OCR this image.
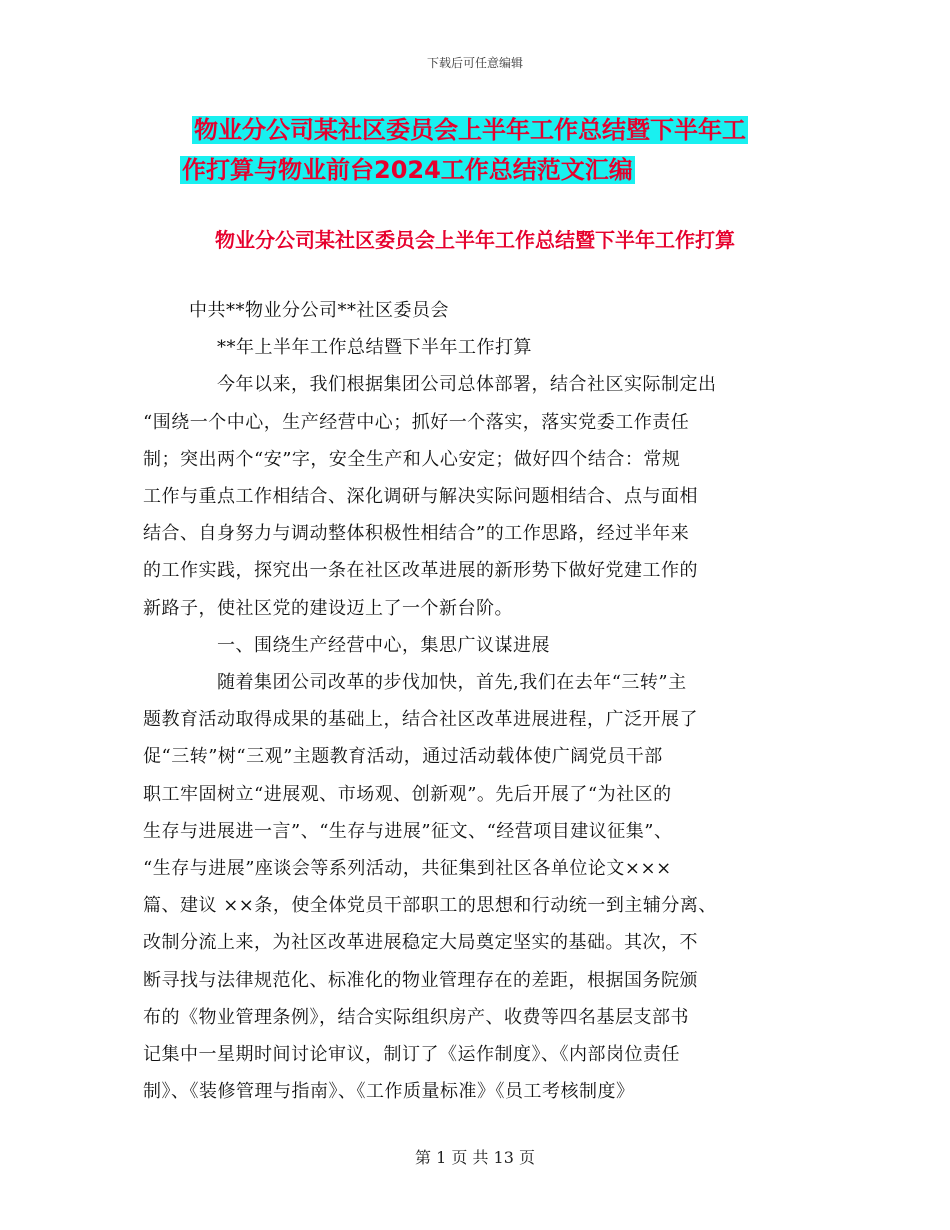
下载后可任意编辑
物业分公司某社区委员会上半年工作总结暨下半年工
作打算与物业前台2024工作总结范文汇编
物业分公司某社区委员会上半年工作总结暨下半年工作打算

中共**物业分公司**社区委员会

**年上半年工作总结暨下半年工作打算

今年以来，我们根据集团公司总体部署，结合社区实际制定出
“围绕一个中心，生产经营中心；抓好一个落实，落实党委工作责任
制；突出两个“安”字，安全生产和人心安定；做好四个结合：常规
工作与重点工作相结合、深化调研与解决实际问题相结合、点与面相
结合、自身努力与调动整体积极性相结合”的工作思路，经过半年来
的工作实践，探究出一条在社区改革进展的新形势下做好党建工作的
新路子，使社区党的建设迈上了一个新台阶。

一、围绕生产经营中心，集思广议谋进展

随着集团公司改革的步伐加快，首先,我们在去年“三转”主
题教育活动取得成果的基础上，结合社区改革进展进程，广泛开展了
促“三转”树“三观”主题教育活动，通过活动载体使广阔党员干部
职工牢固树立“进展观、市场观、创新观”。先后开展了“为社区的
生存与进展进一言”、“生存与进展”征文、“经营项目建议征集”、
“生存与进展”座谈会等系列活动，共征集到社区各单位论文×××
篇、建议 ××条，使全体党员干部职工的思想和行动统一到主辅分离、
改制分流上来，为社区改革进展稳定大局奠定坚实的基础。其次，不
断寻找与法律规范化、标准化的物业管理存在的差距，根据国务院颁
布的《物业管理条例》，结合实际组织房产、收费等四名基层支部书
记集中一星期时间讨论审议，制订了《运作制度》、《内部岗位责任
制》、《装修管理与指南》、《工作质量标准》《员工考核制度》
第 1 页 共 13 页
